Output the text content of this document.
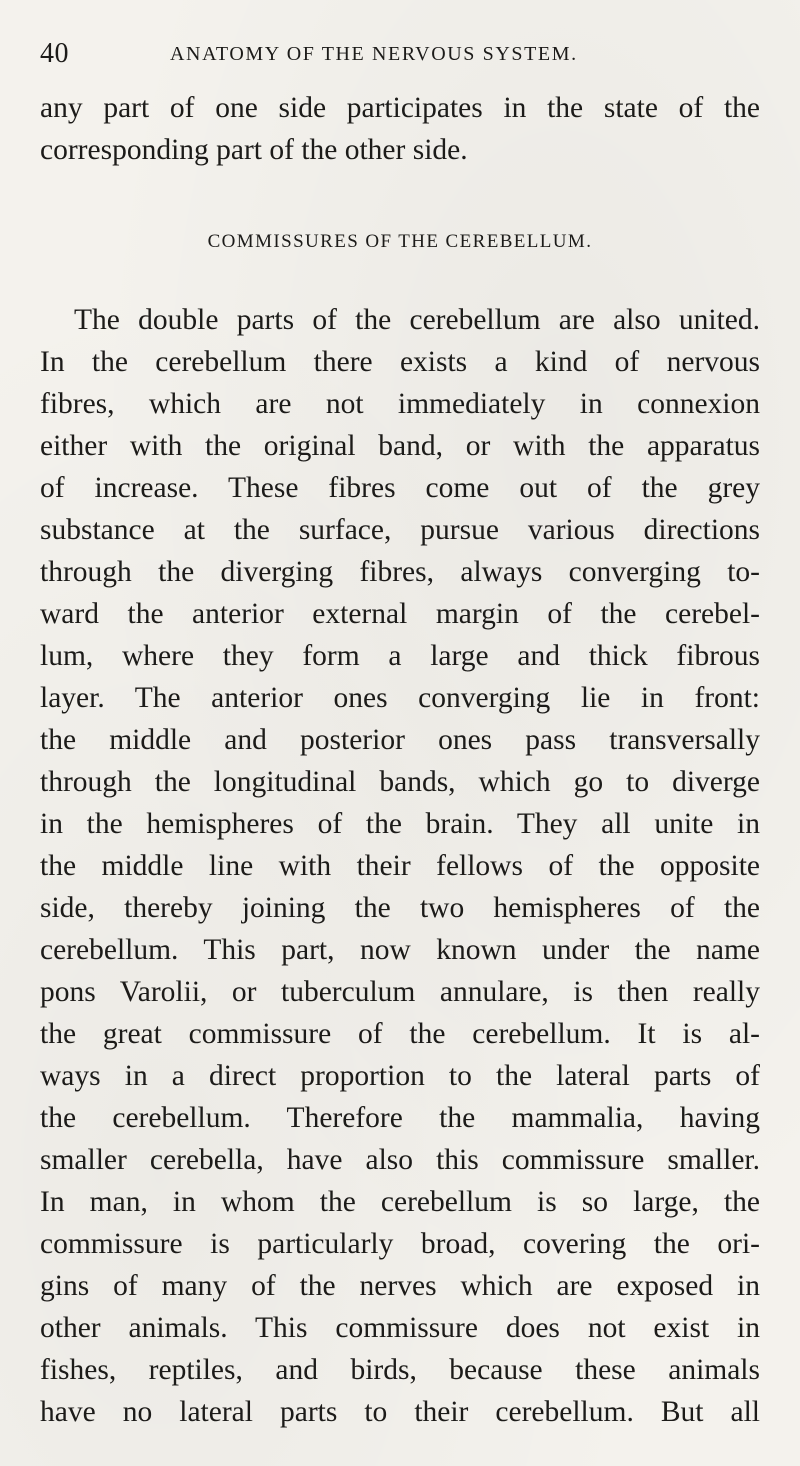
40	ANATOMY OF THE NERVOUS SYSTEM.
any part of one side participates in the state of the
corresponding part of the other side.
COMMISSURES OF THE CEREBELLUM.
The double parts of the cerebellum are also united.
In the cerebellum there exists a kind of nervous
fibres, which are not immediately in connexion
either with the original band, or with the apparatus
of increase. These fibres come out of the grey
substance at the surface, pursue various directions
through the diverging fibres, always converging to-
ward the anterior external margin of the cerebel-
lum, where they form a large and thick fibrous
layer. The anterior ones converging lie in front:
the middle and posterior ones pass transversally
through the longitudinal bands, which go to diverge
in the hemispheres of the brain. They all unite in
the middle line with their fellows of the opposite
side, thereby joining the two hemispheres of the
cerebellum. This part, now known under the name
pons Varolii, or tuberculum annulare, is then really
the great commissure of the cerebellum. It is al-
ways in a direct proportion to the lateral parts of
the cerebellum. Therefore the mammalia, having
smaller cerebella, have also this commissure smaller.
In man, in whom the cerebellum is so large, the
commissure is particularly broad, covering the ori-
gins of many of the nerves which are exposed in
other animals. This commissure does not exist in
fishes, reptiles, and birds, because these animals
have no lateral parts to their cerebellum. But all
